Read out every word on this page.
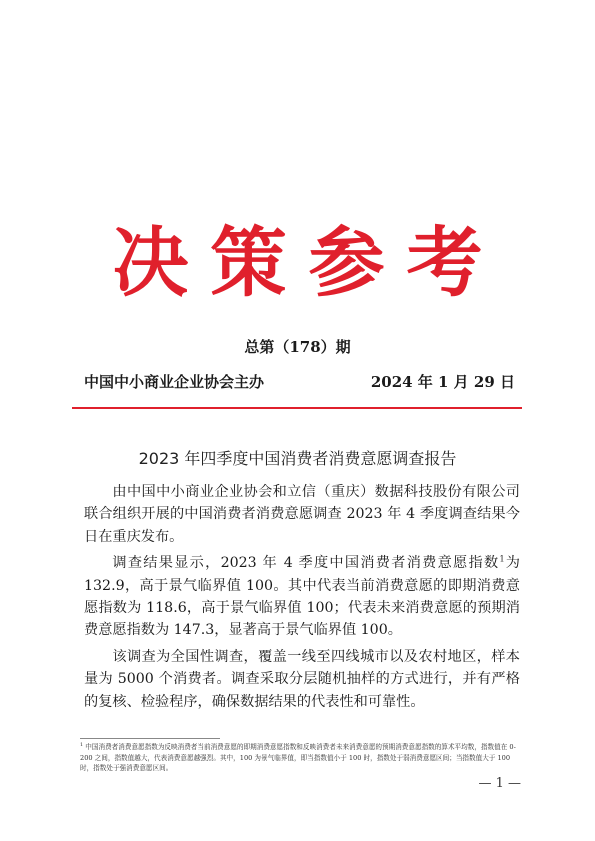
决策参考
总第（178）期
中国中小商业企业协会主办	2024 年 1 月 29 日
2023 年四季度中国消费者消费意愿调查报告

由中国中小商业企业协会和立信（重庆）数据科技股份有限公司联合组织开展的中国消费者消费意愿调查 2023 年 4 季度调查结果今日在重庆发布。

调查结果显示，2023 年 4 季度中国消费者消费意愿指数$^1$为 132.9，高于景气临界值 100。其中代表当前消费意愿的即期消费意愿指数为 118.6，高于景气临界值 100；代表未来消费意愿的预期消费意愿指数为 147.3，显著高于景气临界值 100。

该调查为全国性调查，覆盖一线至四线城市以及农村地区，样本量为 5000 个消费者。调查采取分层随机抽样的方式进行，并有严格的复核、检验程序，确保数据结果的代表性和可靠性。

$^1$ 中国消费者消费意愿指数为反映消费者当前消费意愿的即期消费意愿指数和反映消费者未来消费意愿的预期消费意愿指数的算术平均数，指数值在 0-200 之间，指数值越大，代表消费意愿越强烈。其中，100 为景气临界值，即当指数值小于 100 时，指数处于弱消费意愿区间；当指数值大于 100 时，指数处于强消费意愿区间。
— 1 —
